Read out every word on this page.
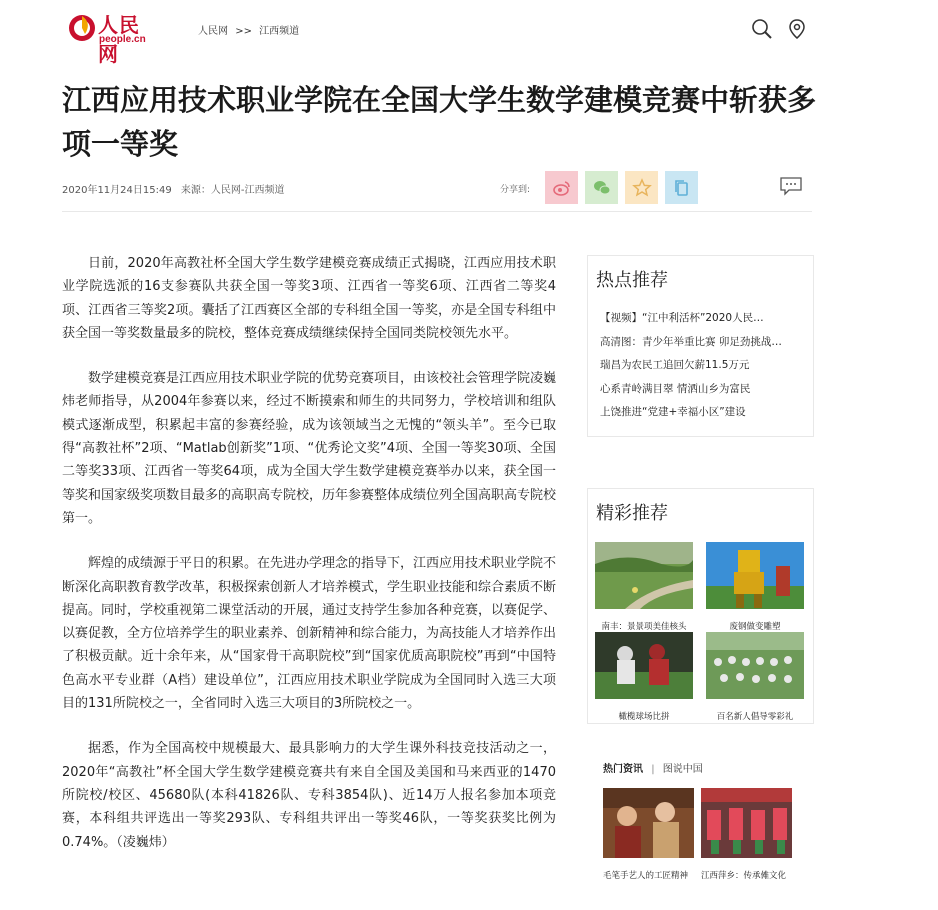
人民网
people.cn
人民网 >> 江西频道
江西应用技术职业学院在全国大学生数学建模竞赛中斩获多项一等奖
2020年11月24日15:49 来源：人民网-江西频道	分享到:

日前，2020年高教社杯全国大学生数学建模竞赛成绩正式揭晓，江西应用技术职业学院选派的16支参赛队共获全国一等奖3项、江西省一等奖6项、江西省二等奖4项、江西省三等奖2项。囊括了江西赛区全部的专科组全国一等奖，亦是全国专科组中获全国一等奖数量最多的院校，整体竞赛成绩继续保持全国同类院校领先水平。

数学建模竞赛是江西应用技术职业学院的优势竞赛项目，由该校社会管理学院凌巍炜老师指导，从2004年参赛以来，经过不断摸索和师生的共同努力，学校培训和组队模式逐渐成型，积累起丰富的参赛经验，成为该领域当之无愧的“领头羊”。至今已取得“高教社杯”2项、“Matlab创新奖”1项、“优秀论文奖”4项、全国一等奖30项、全国二等奖33项、江西省一等奖64项，成为全国大学生数学建模竞赛举办以来，获全国一等奖和国家级奖项数目最多的高职高专院校，历年参赛整体成绩位列全国高职高专院校第一。

辉煌的成绩源于平日的积累。在先进办学理念的指导下，江西应用技术职业学院不断深化高职教育教学改革，积极探索创新人才培养模式，学生职业技能和综合素质不断提高。同时，学校重视第二课堂活动的开展，通过支持学生参加各种竞赛，以赛促学、以赛促教，全方位培养学生的职业素养、创新精神和综合能力，为高技能人才培养作出了积极贡献。近十余年来，从“国家骨干高职院校”到“国家优质高职院校”再到“中国特色高水平专业群（A档）建设单位”，江西应用技术职业学院成为全国同时入选三大项目的131所院校之一，全省同时入选三大项目的3所院校之一。

据悉，作为全国高校中规模最大、最具影响力的大学生课外科技竞技活动之一，2020年“高教社”杯全国大学生数学建模竞赛共有来自全国及美国和马来西亚的1470所院校/校区、45680队(本科41826队、专科3854队)、近14万人报名参加本项竞赛，本科组共评选出一等奖293队、专科组共评出一等奖46队，一等奖获奖比例为0.74%。（凌巍炜）

热点推荐
【视频】“江中利活杯”2020人民…
高清图：青少年举重比赛 卯足劲挑战…
瑞昌为农民工追回欠薪11.5万元
心系青岭满目翠 情洒山乡为富民
上饶推进“党建+幸福小区”建设
精彩推荐
南丰：景景项美佳核头	废钢做变雕塑
橄榄球场比拼	百名新人倡导零彩礼
热门资讯 | 图说中国
毛笔手艺人的工匠精神	江西萍乡：传承傩文化
